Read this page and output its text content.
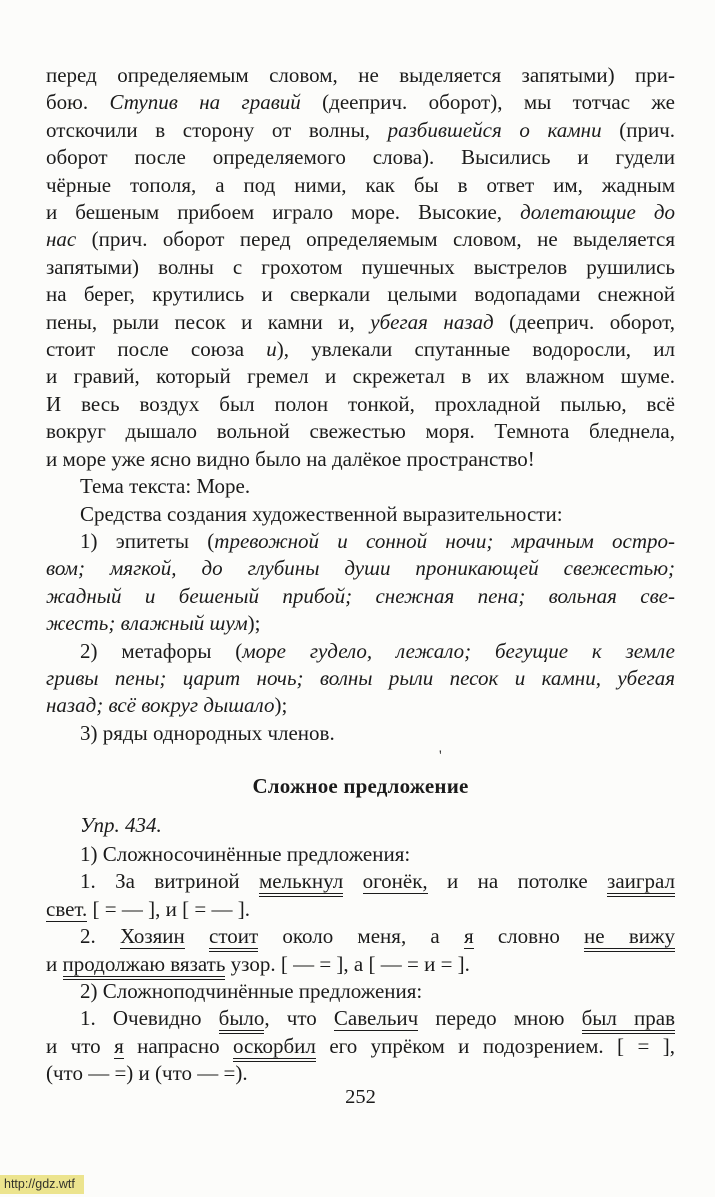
перед определяемым словом, не выделяется запятыми) при-
бою. Ступив на гравий (дееприч. оборот), мы тотчас же
отскочили в сторону от волны, разбившейся о камни (прич.
оборот после определяемого слова). Высились и гудели
чёрные тополя, а под ними, как бы в ответ им, жадным
и бешеным прибоем играло море. Высокие, долетающие до
нас (прич. оборот перед определяемым словом, не выделяется
запятыми) волны с грохотом пушечных выстрелов рушились
на берег, крутились и сверкали целыми водопадами снежной
пены, рыли песок и камни и, убегая назад (дееприч. оборот,
стоит после союза и), увлекали спутанные водоросли, ил
и гравий, который гремел и скрежетал в их влажном шуме.
И весь воздух был полон тонкой, прохладной пылью, всё
вокруг дышало вольной свежестью моря. Темнота бледнела,
и море уже ясно видно было на далёкое пространство!
Тема текста: Море.
Средства создания художественной выразительности:
1) эпитеты (тревожной и сонной ночи; мрачным остро-
вом; мягкой, до глубины души проникающей свежестью;
жадный и бешеный прибой; снежная пена; вольная све-
жесть; влажный шум);
2) метафоры (море гудело, лежало; бегущие к земле
гривы пены; царит ночь; волны рыли песок и камни, убегая
назад; всё вокруг дышало);
3) ряды однородных членов.
Сложное предложение
Упр. 434.
1) Сложносочинённые предложения:
1. За витриной мелькнул огонёк, и на потолке заиграл
свет. [ = — ], и [ = — ].
2. Хозяин стоит около меня, а я словно не вижу
и продолжаю вязать узор. [ — = ], а [ — = и = ].
2) Сложноподчинённые предложения:
1. Очевидно было, что Савельич передо мною был прав
и что я напрасно оскорбил его упрёком и подозрением. [ = ],
(что — =) и (что — =).
'
252
http://gdz.wtf
